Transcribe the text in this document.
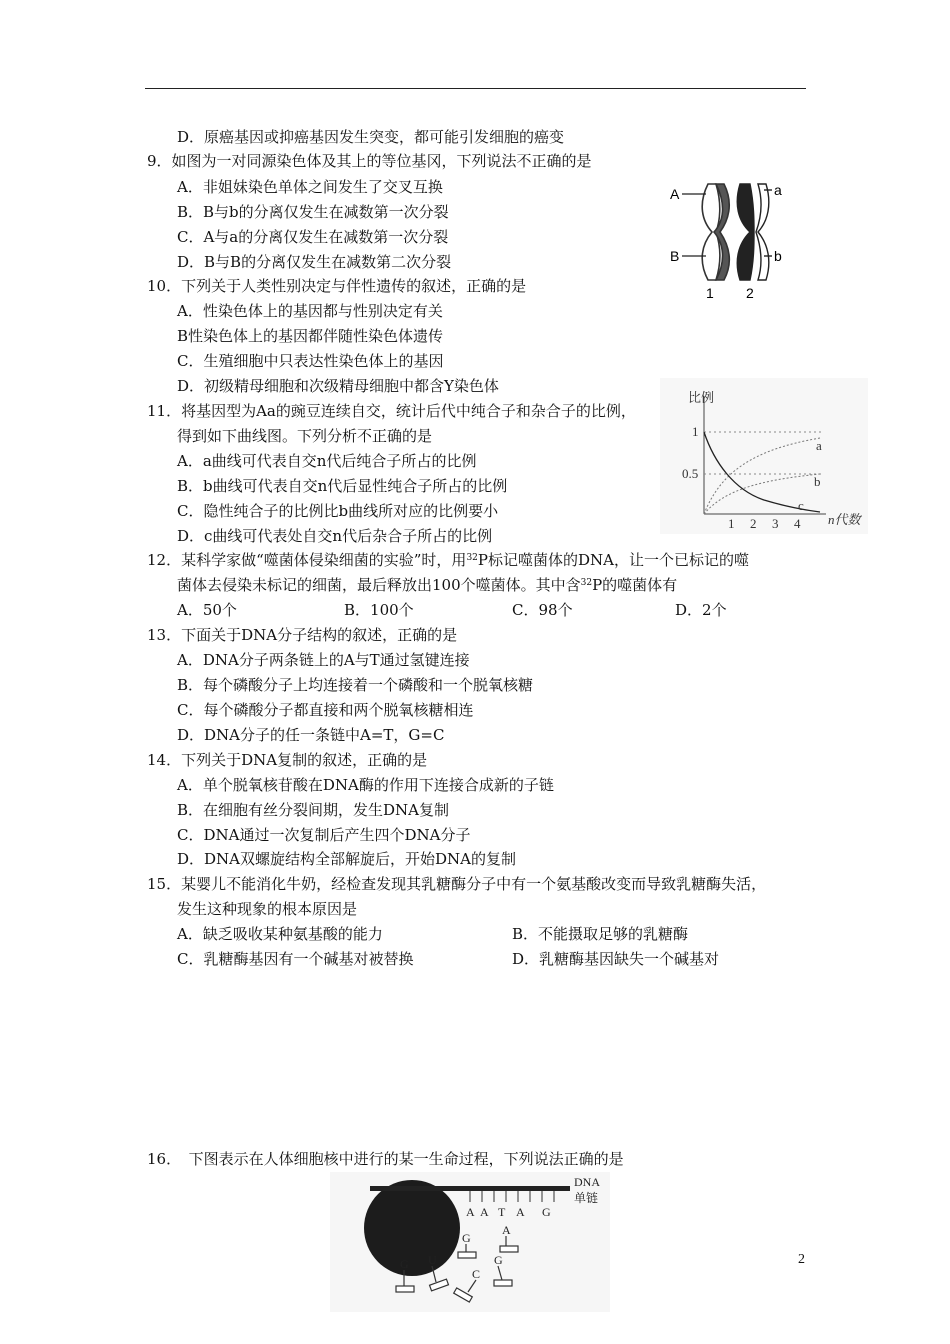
D．原癌基因或抑癌基因发生突变，都可能引发细胞的癌变
9．如图为一对同源染色体及其上的等位基冈，下列说法不正确的是
A．非姐妹染色单体之间发生了交叉互换
B．B与b的分离仅发生在减数第一次分裂
C．A与a的分离仅发生在减数第一次分裂
D．B与B的分离仅发生在减数第二次分裂
A
B
a
b
1 2
10．下列关于人类性别决定与伴性遗传的叙述，正确的是
A．性染色体上的基因都与性别决定有关
B性染色体上的基因都伴随性染色体遗传
C．生殖细胞中只表达性染色体上的基因
D．初级精母细胞和次级精母细胞中都含Y染色体
11．将基因型为Aa的豌豆连续自交，统计后代中纯合子和杂合子的比例，
得到如下曲线图。下列分析不正确的是
A．a曲线可代表自交n代后纯合子所占的比例
B．b曲线可代表自交n代后显性纯合子所占的比例
C．隐性纯合子的比例比b曲线所对应的比例要小
D．c曲线可代表处自交n代后杂合子所占的比例
比例
1
0.5
1 2 3 4 n代数
a
b
c
12．某科学家做“噬菌体侵染细菌的实验”时，用$^{32}$P标记噬菌体的DNA，让一个已标记的噬
菌体去侵染未标记的细菌，最后释放出100个噬菌体。其中含$^{32}$P的噬菌体有
A．50个	B．100个	C．98个	D．2个
13．下面关于DNA分子结构的叙述，正确的是
A．DNA分子两条链上的A与T通过氢键连接
B．每个磷酸分子上均连接着一个磷酸和一个脱氧核糖
C．每个磷酸分子都直接和两个脱氧核糖相连
D．DNA分子的任一条链中A=T，G=C
14．下列关于DNA复制的叙述，正确的是
A．单个脱氧核苷酸在DNA酶的作用下连接合成新的子链
B．在细胞有丝分裂间期，发生DNA复制
C．DNA通过一次复制后产生四个DNA分子
D．DNA双螺旋结构全部解旋后，开始DNA的复制
15．某婴儿不能消化牛奶，经检查发现其乳糖酶分子中有一个氨基酸改变而导致乳糖酶失活，
发生这种现象的根本原因是
A．缺乏吸收某种氨基酸的能力	B．不能摄取足够的乳糖酶
C．乳糖酶基因有一个碱基对被替换	D．乳糖酶基因缺失一个碱基对
16．　下图表示在人体细胞核中进行的某一生命过程，下列说法正确的是
DNA
单链
A A T A G
A
G
G U
C
G	2
